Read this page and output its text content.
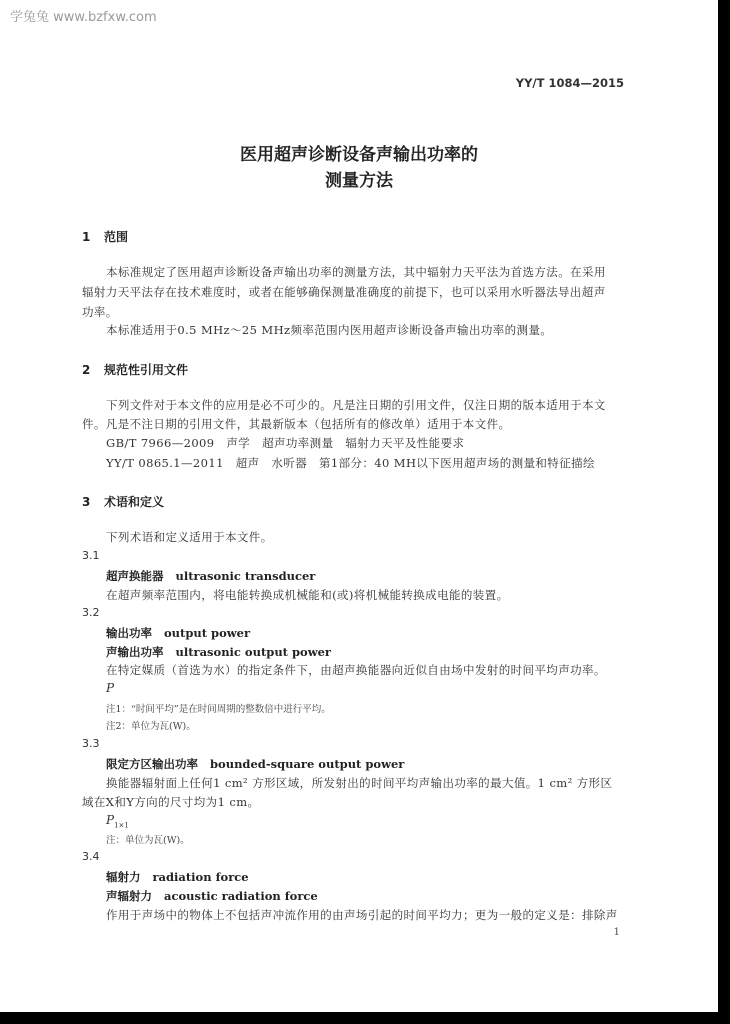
学兔兔 www.bzfxw.com
YY/T 1084—2015
医用超声诊断设备声输出功率的
测量方法
1 范围
本标准规定了医用超声诊断设备声输出功率的测量方法，其中辐射力天平法为首选方法。在采用
辐射力天平法存在技术难度时，或者在能够确保测量准确度的前提下，也可以采用水听器法导出超声
功率。
本标准适用于0.5 MHz～25 MHz频率范围内医用超声诊断设备声输出功率的测量。
2 规范性引用文件
下列文件对于本文件的应用是必不可少的。凡是注日期的引用文件，仅注日期的版本适用于本文
件。凡是不注日期的引用文件，其最新版本（包括所有的修改单）适用于本文件。
GB/T 7966—2009　声学　超声功率测量　辐射力天平及性能要求
YY/T 0865.1—2011　超声　水听器　第1部分：40 MH以下医用超声场的测量和特征描绘
3 术语和定义
下列术语和定义适用于本文件。
3.1
超声换能器 ultrasonic transducer
在超声频率范围内，将电能转换成机械能和(或)将机械能转换成电能的装置。
3.2
输出功率 output power
声输出功率 ultrasonic output power
在特定媒质（首选为水）的指定条件下，由超声换能器向近似自由场中发射的时间平均声功率。
P
注1：“时间平均”是在时间周期的整数倍中进行平均。
注2：单位为瓦(W)。
3.3
限定方区输出功率 bounded-square output power
换能器辐射面上任何1 cm² 方形区域，所发射出的时间平均声输出功率的最大值。1 cm² 方形区
域在X和Y方向的尺寸均为1 cm。
$P_{1\times 1}$
注：单位为瓦(W)。
3.4
辐射力 radiation force
声辐射力 acoustic radiation force
作用于声场中的物体上不包括声冲流作用的由声场引起的时间平均力；更为一般的定义是：排除声
1
